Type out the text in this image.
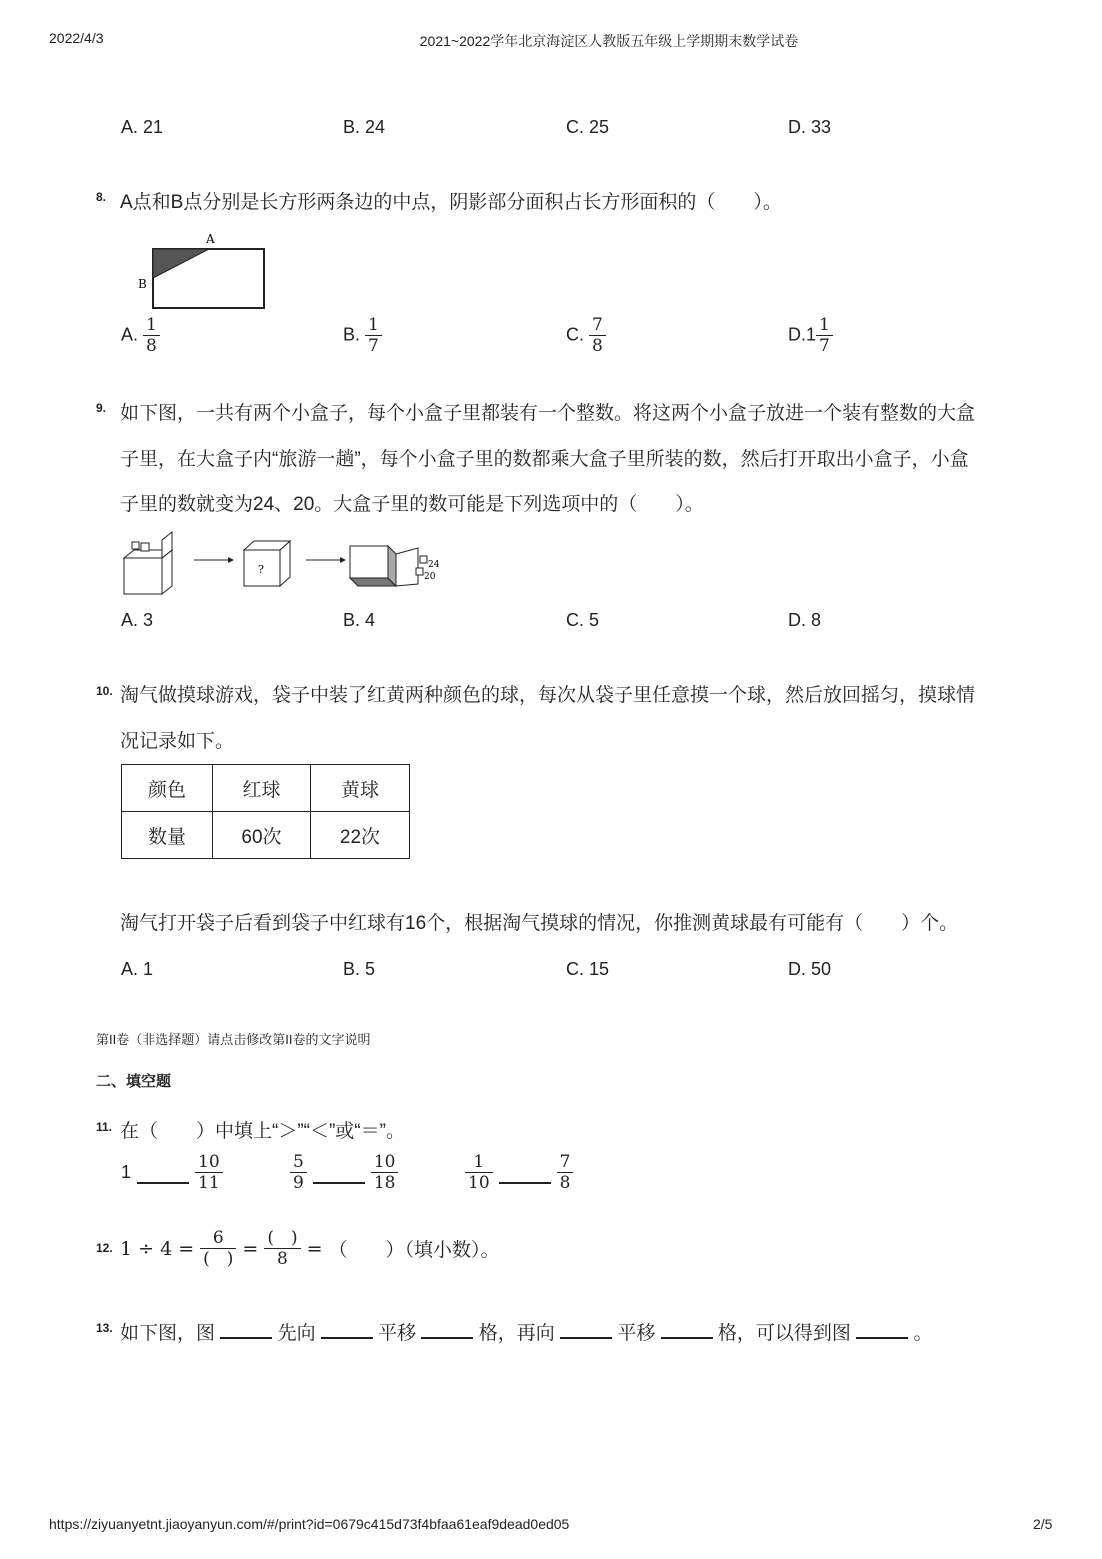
2022/4/3	2021~2022学年北京海淀区人教版五年级上学期期末数学试卷
A. 21	B. 24	C. 25	D. 33
8. A点和B点分别是长方形两条边的中点，阴影部分面积占长方形面积的（　　）。
A
B
A. $\frac{1}{8}$	B. $\frac{1}{7}$	C. $\frac{7}{8}$	$D.1 \frac{1}{7}$
9. 如下图，一共有两个小盒子，每个小盒子里都装有一个整数。将这两个小盒子放进一个装有整数的大盒
子里，在大盒子内“旅游一趟”，每个小盒子里的数都乘大盒子里所装的数，然后打开取出小盒子，小盒
子里的数就变为24、20。大盒子里的数可能是下列选项中的（　　）。
?	24
20
A. 3	B. 4	C. 5	D. 8
10. 淘气做摸球游戏，袋子中装了红黄两种颜色的球，每次从袋子里任意摸一个球，然后放回摇匀，摸球情
况记录如下。
颜色	红球	黄球
数量	60次	22次
淘气打开袋子后看到袋子中红球有16个，根据淘气摸球的情况，你推测黄球最有可能有（　　）个。
A. 1	B. 5	C. 15	D. 50
第II卷（非选择题）请点击修改第II卷的文字说明
二、填空题
11. 在（　　）中填上“＞”“＜”或“＝”。
1	$\frac{10}{11}$	$\frac{5}{9}$	$\frac{10}{18}$	$\frac{1}{10}$	$\frac{7}{8}$
12. $1 \div 4 = \frac{6}{( )} = \frac{( )}{8}$ = （　　）（填小数）。
13. 如下图，图	先向	平移	格，再向	平移	格，可以得到图	。
https://ziyuanyetnt.jiaoyanyun.com/#/print?id=0679c415d73f4bfaa61eaf9dead0ed05	2/5
